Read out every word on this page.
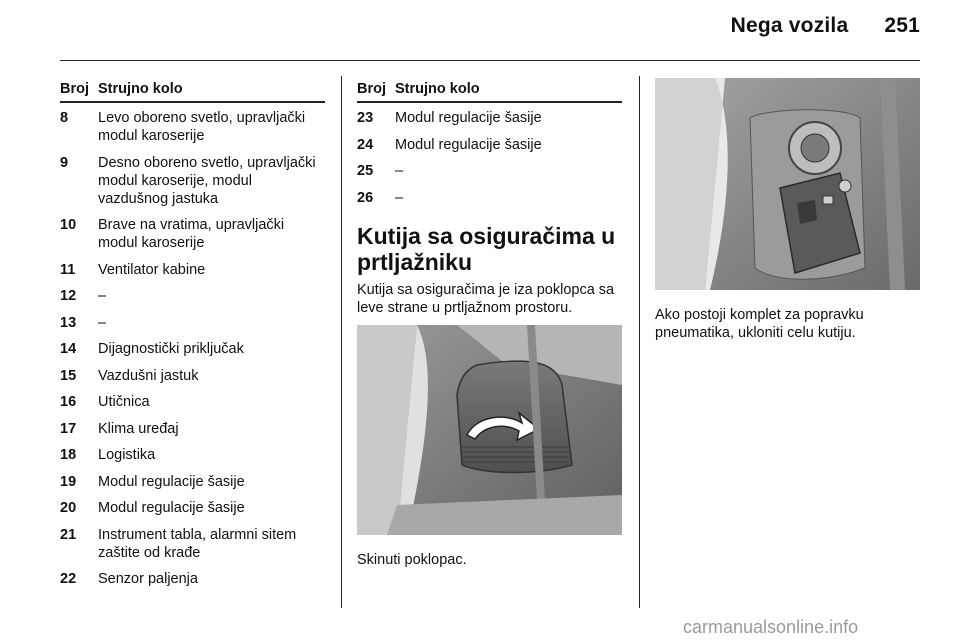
Nega vozila 251
Broj Strujno kolo
8	Levo oboreno svetlo, upravljački modul karoserije
9	Desno oboreno svetlo, upravljački modul karoserije, modul vazdušnog jastuka
10	Brave na vratima, upravljački modul karoserije
11	Ventilator kabine
12	–
13	–
14	Dijagnostički priključak
15	Vazdušni jastuk
16	Utičnica
17	Klima uređaj
18	Logistika
19	Modul regulacije šasije
20	Modul regulacije šasije
21	Instrument tabla, alarmni sitem zaštite od krađe
22	Senzor paljenja
Broj Strujno kolo
23	Modul regulacije šasije
24	Modul regulacije šasije
25	–
26	–
Kutija sa osiguračima u prtljažniku
Kutija sa osiguračima je iza poklopca sa leve strane u prtljažnom prostoru.
Skinuti poklopac.
Ako postoji komplet za popravku pneumatika, ukloniti celu kutiju.
carmanualsonline.info
